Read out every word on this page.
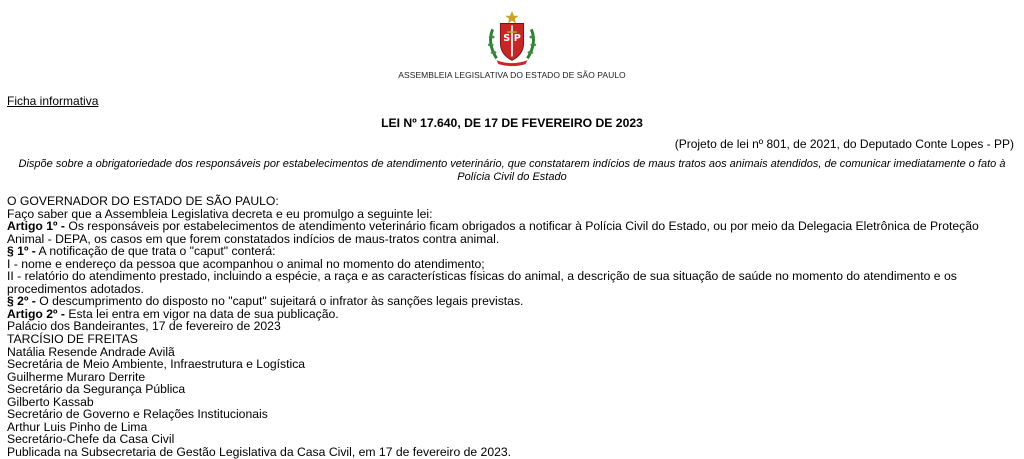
S P
ASSEMBLEIA LEGISLATIVA DO ESTADO DE SÃO PAULO
Ficha informativa
LEI Nº 17.640, DE 17 DE FEVEREIRO DE 2023
(Projeto de lei nº 801, de 2021, do Deputado Conte Lopes - PP)
Dispõe sobre a obrigatoriedade dos responsáveis por estabelecimentos de atendimento veterinário, que constatarem indícios de maus tratos aos animais atendidos, de comunicar imediatamente o fato à Polícia Civil do Estado

O GOVERNADOR DO ESTADO DE SÃO PAULO:

Faço saber que a Assembleia Legislativa decreta e eu promulgo a seguinte lei:

Artigo 1º - Os responsáveis por estabelecimentos de atendimento veterinário ficam obrigados a notificar à Polícia Civil do Estado, ou por meio da Delegacia Eletrônica de Proteção Animal - DEPA, os casos em que forem constatados indícios de maus-tratos contra animal.

§ 1º - A notificação de que trata o "caput" conterá:

I - nome e endereço da pessoa que acompanhou o animal no momento do atendimento;

II - relatório do atendimento prestado, incluindo a espécie, a raça e as características físicas do animal, a descrição de sua situação de saúde no momento do atendimento e os procedimentos adotados.

§ 2º - O descumprimento do disposto no "caput" sujeitará o infrator às sanções legais previstas.

Artigo 2º - Esta lei entra em vigor na data de sua publicação.

Palácio dos Bandeirantes, 17 de fevereiro de 2023

TARCÍSIO DE FREITAS

Natália Resende Andrade Avilã

Secretária de Meio Ambiente, Infraestrutura e Logística

Guilherme Muraro Derrite

Secretário da Segurança Pública

Gilberto Kassab

Secretário de Governo e Relações Institucionais

Arthur Luis Pinho de Lima

Secretário-Chefe da Casa Civil

Publicada na Subsecretaria de Gestão Legislativa da Casa Civil, em 17 de fevereiro de 2023.
